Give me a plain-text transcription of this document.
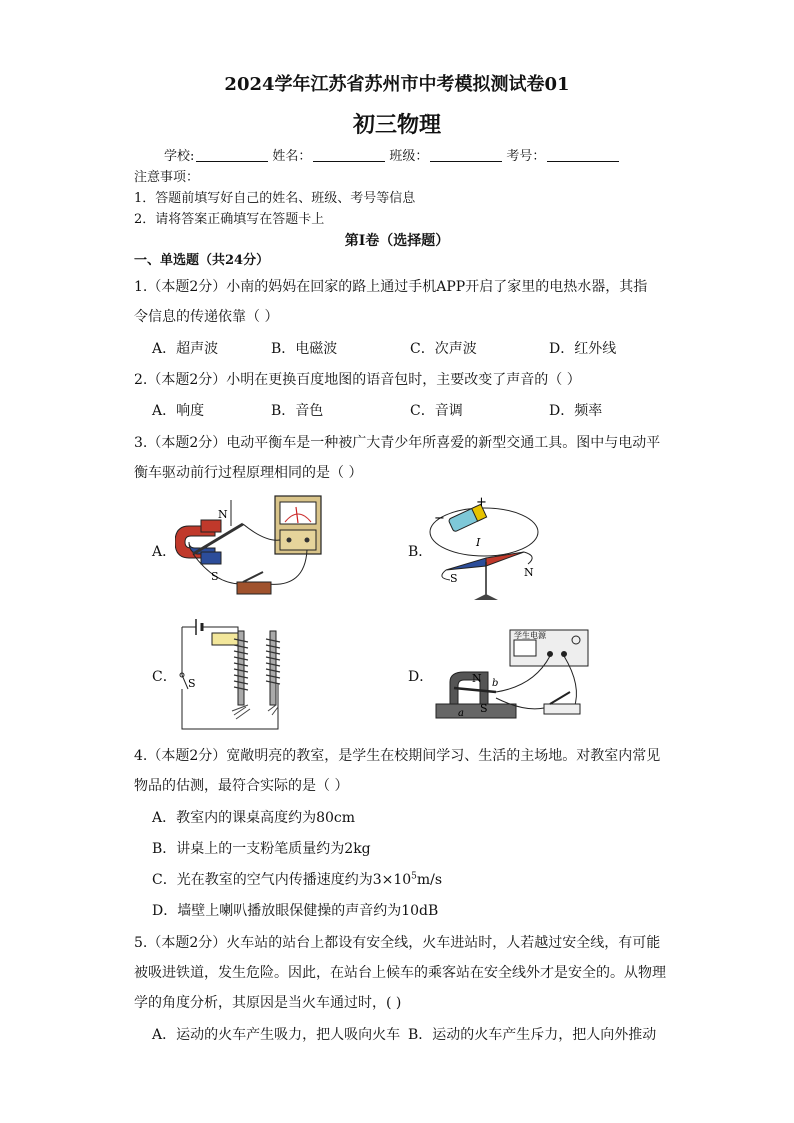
2024学年江苏省苏州市中考模拟测试卷01
初三物理
学校:	姓名：	班级：	考号：
注意事项：
1．答题前填写好自己的姓名、班级、考号等信息
2．请将答案正确填写在答题卡上
第I卷（选择题）
一、单选题（共24分）
1.（本题2分）小南的妈妈在回家的路上通过手机APP开启了家里的电热水器，其指
令信息的传递依靠（ ）
A．超声波	B．电磁波	C．次声波	D．红外线
2.（本题2分）小明在更换百度地图的语音包时，主要改变了声音的（ ）
A．响度	B．音色	C．音调	D．频率
3.（本题2分）电动平衡车是一种被广大青少年所喜爱的新型交通工具。图中与电动平
衡车驱动前行过程原理相同的是（ ）
A．	B．
C．	D．
N
S
+
−
I
S	N
S
学生电源
N
S
a
b
4.（本题2分）宽敞明亮的教室，是学生在校期间学习、生活的主场地。对教室内常见
物品的估测，最符合实际的是（ ）
A．教室内的课桌高度约为80cm
B．讲桌上的一支粉笔质量约为2kg
C．光在教室的空气内传播速度约为$3\times 10^5m/s$
D．墙壁上喇叭播放眼保健操的声音约为10dB
5.（本题2分）火车站的站台上都设有安全线，火车进站时，人若越过安全线，有可能
被吸进铁道，发生危险。因此，在站台上候车的乘客站在安全线外才是安全的。从物理
学的角度分析，其原因是当火车通过时，( )
A．运动的火车产生吸力，把人吸向火车 B．运动的火车产生斥力，把人向外推动
